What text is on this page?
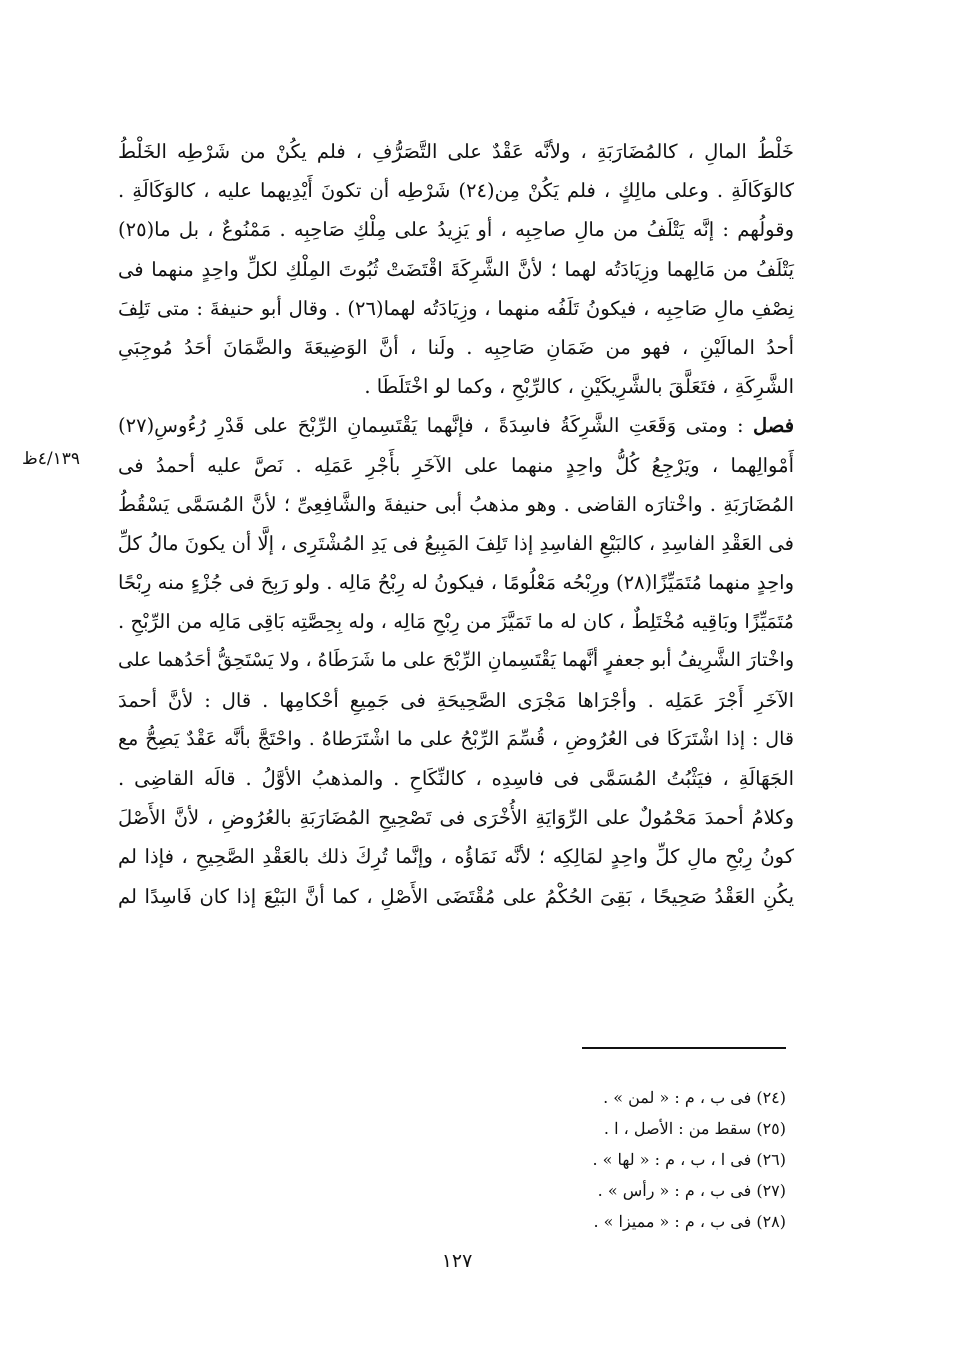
خَلْطُ المالِ ، كالمُضَارَبَةِ ، ولأنَّه عَقْدٌ على التَّصَرُّفِ ، فلم يكُنْ من شَرْطِه الخَلْطُ
كالوَكَالَةِ . وعلى مالِكٍ ، فلم يَكُنْ مِن(٢٤) شَرْطِه أن تكونَ أَيْدِيهما عليه ، كالوَكَالَةِ .
وقولُهم : إنَّه يَتْلَفُ من مالِ صاحِبِه ، أو يَزِيدُ على مِلْكِ صَاحِبِه . مَمْنُوعٌ ، بل ما(٢٥)
يَتْلَفُ من مَالِهما وزِيَادَتُه لهما ؛ لأنَّ الشَّرِكَةَ اقْتَضَتْ ثُبُوتَ المِلْكِ لكلِّ واحِدٍ منهما فى
نِصْفِ مالِ صَاحِبِه ، فيكونُ تَلَفُه منهما ، وزِيَادَتُه لهما(٢٦) . وقال أبو حنيفةَ : متى تَلِفَ
أحدُ المالَيْنِ ، فهو من ضَمَانِ صَاحِبِه . ولَنا ، أنَّ الوَضِيعَةَ والضَّمَانَ أحَدُ مُوجِبَىِ
الشَّرِكَةِ ، فتَعَلَّقَ بالشَّرِيكَيْنِ ، كالرِّبْحِ ، وكما لو اخْتَلَطَا .
فصل : ومتى وَقَعَتِ الشَّرِكَةُ فاسِدَةً ، فإنَّهما يَقْتَسِمانِ الرِّبْحَ على قَدْرِ رُءُوسِ(٢٧)
أَمْوالِهما ، ويَرْجِعُ كُلُّ واحِدٍ منهما على الآخَرِ بأَجْرِ عَمَلِه . نَصَّ عليه أحمدُ فى
المُضَارَبَةِ . واخْتارَه القاضى . وهو مذهبُ أبى حنيفةَ والشَّافِعِىِّ ؛ لأنَّ المُسَمَّى يَسْقُطُ
فى العَقْدِ الفاسِدِ ، كالبَيْعِ الفاسِدِ إذا تَلِفَ المَبِيعُ فى يَدِ المُشْتَرِى ، إلَّا أن يكونَ مالُ كلِّ
واحِدٍ منهما مُتَمَيِّزًا(٢٨) ورِبْحُه مَعْلُومًا ، فيكونُ له رِبْحُ مَالِه . ولو رَبِحَ فى جُزْءٍ منه رِبْحًا
مُتَمَيِّزًا وبَاقِيه مُخْتَلِطٌ ، كان له ما تَمَيَّزَ من رِبْحِ مَالِه ، وله بِحِصَّتِه بَاقِى مَالِه من الرِّبْحِ .
واخْتارَ الشَّرِيفُ أبو جعفرٍ أنَّهما يَقْتَسِمانِ الرِّبْحَ على ما شَرَطَاهُ ، ولا يَسْتَحِقُّ أحَدُهما على
الآخَرِ أَجْرَ عَمَلِه . وأجْرَاها مَجْرَى الصَّحِيحَةِ فى جَمِيعِ أحْكامِها . قال : لأنَّ أحمدَ
قال : إذا اشْتَرَكَا فى العُرُوضِ ، قُسِّمَ الرِّبْحُ على ما اشْتَرَطاهُ . واحْتَجَّ بأنَّه عَقْدٌ يَصِحُّ مع
الجَهَالَةِ ، فيَثْبُتُ المُسَمَّى فى فاسِدِه ، كالنِّكَاحِ . والمذهبُ الأوَّلُ . قالَه القاضِى .
وكلامُ أحمدَ مَحْمُولٌ على الرِّوَايَةِ الأُخْرَى فى تَصْحِيحِ المُضَارَبَةِ بالعُرُوضِ ، لأنَّ الأَصْلَ
كونُ رِبْحِ مالِ كلِّ واحِدٍ لمَالِكِه ؛ لأنَّه نَمَاؤُه ، وإنَّما تُرِكَ ذلك بالعَقْدِ الصَّحِيحِ ، فإذا لم
يكُنِ العَقْدُ صَحِيحًا ، بَقِىَ الحُكْمُ على مُقْتَضَى الأَصْلِ ، كما أنَّ البَيْعَ إذا كان فَاسِدًا لم
٤/١٣٩ظ
(٢٤) فى ب ، م : « لمن » .
(٢٥) سقط من : الأصل ، ا .
(٢٦) فى ا ، ب ، م : « لها » .
(٢٧) فى ب ، م : « رأس » .
(٢٨) فى ب ، م : « مميزا » .
١٢٧
